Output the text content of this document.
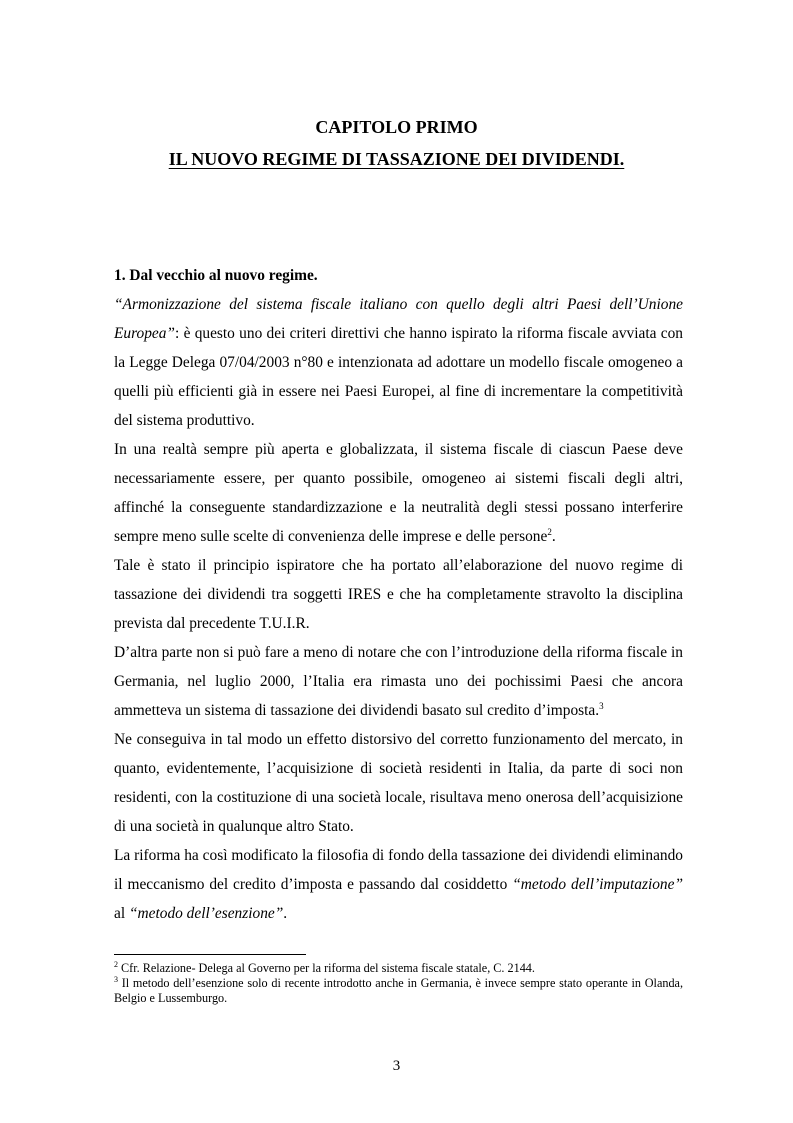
CAPITOLO PRIMO
IL NUOVO REGIME DI TASSAZIONE DEI DIVIDENDI.

1. Dal vecchio al nuovo regime.

“Armonizzazione del sistema fiscale italiano con quello degli altri Paesi dell’Unione Europea”: è questo uno dei criteri direttivi che hanno ispirato la riforma fiscale avviata con la Legge Delega 07/04/2003 n°80 e intenzionata ad adottare un modello fiscale omogeneo a quelli più efficienti già in essere nei Paesi Europei, al fine di incrementare la competitività del sistema produttivo.

In una realtà sempre più aperta e globalizzata, il sistema fiscale di ciascun Paese deve necessariamente essere, per quanto possibile, omogeneo ai sistemi fiscali degli altri, affinché la conseguente standardizzazione e la neutralità degli stessi possano interferire sempre meno sulle scelte di convenienza delle imprese e delle persone$^2$.

Tale è stato il principio ispiratore che ha portato all’elaborazione del nuovo regime di tassazione dei dividendi tra soggetti IRES e che ha completamente stravolto la disciplina prevista dal precedente T.U.I.R.

D’altra parte non si può fare a meno di notare che con l’introduzione della riforma fiscale in Germania, nel luglio 2000, l’Italia era rimasta uno dei pochissimi Paesi che ancora ammetteva un sistema di tassazione dei dividendi basato sul credito d’imposta.$^3$

Ne conseguiva in tal modo un effetto distorsivo del corretto funzionamento del mercato, in quanto, evidentemente, l’acquisizione di società residenti in Italia, da parte di soci non residenti, con la costituzione di una società locale, risultava meno onerosa dell’acquisizione di una società in qualunque altro Stato.

La riforma ha così modificato la filosofia di fondo della tassazione dei dividendi eliminando il meccanismo del credito d’imposta e passando dal cosiddetto “metodo dell’imputazione” al “metodo dell’esenzione”.

$^2$ Cfr. Relazione- Delega al Governo per la riforma del sistema fiscale statale, C. 2144.

$^3$ Il metodo dell’esenzione solo di recente introdotto anche in Germania, è invece sempre stato operante in Olanda, Belgio e Lussemburgo.

3
